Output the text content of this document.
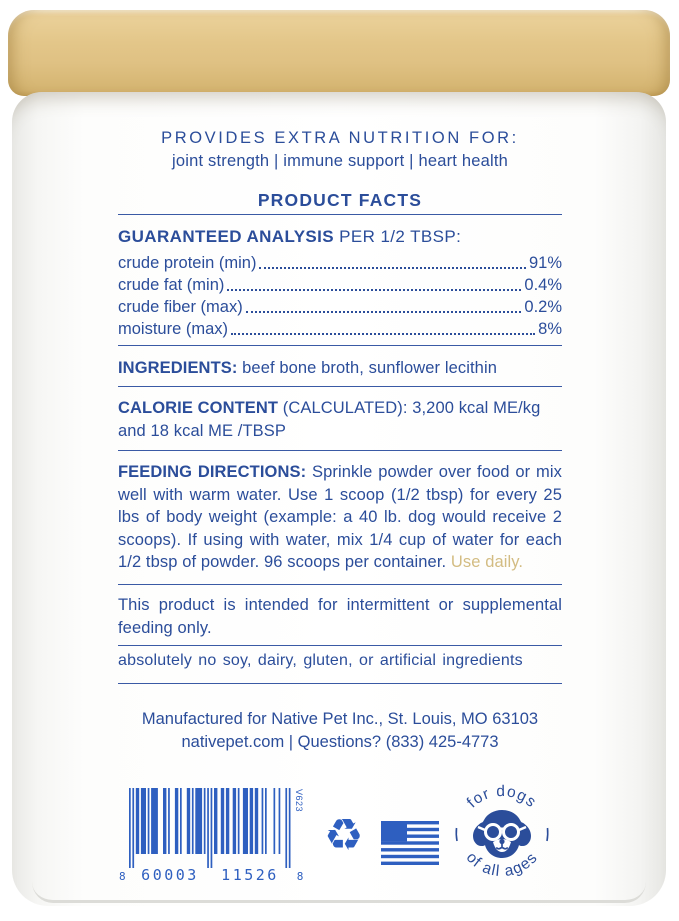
PROVIDES EXTRA NUTRITION FOR:
joint strength | immune support | heart health
PRODUCT FACTS
GUARANTEED ANALYSIS PER 1/2 TBSP:
crude protein (min)	91%
crude fat (min)	0.4%
crude fiber (max)	0.2%
moisture (max)	8%
INGREDIENTS: beef bone broth, sunflower lecithin
CALORIE CONTENT (CALCULATED): 3,200 kcal ME/kg and 18 kcal ME /TBSP
FEEDING DIRECTIONS: Sprinkle powder over food or mix well with warm water. Use 1 scoop (1/2 tbsp) for every 25 lbs of body weight (example: a 40 lb. dog would receive 2 scoops). If using with water, mix 1/4 cup of water for each 1/2 tbsp of powder. 96 scoops per container. Use daily.
This product is intended for intermittent or supplemental feeding only.
absolutely no soy, dairy, gluten, or artificial ingredients
Manufactured for Native Pet Inc., St. Louis, MO 63103
nativepet.com | Questions? (833) 425-4773
8 60003 11526 8
V623
♻
for dogs
of all ages
